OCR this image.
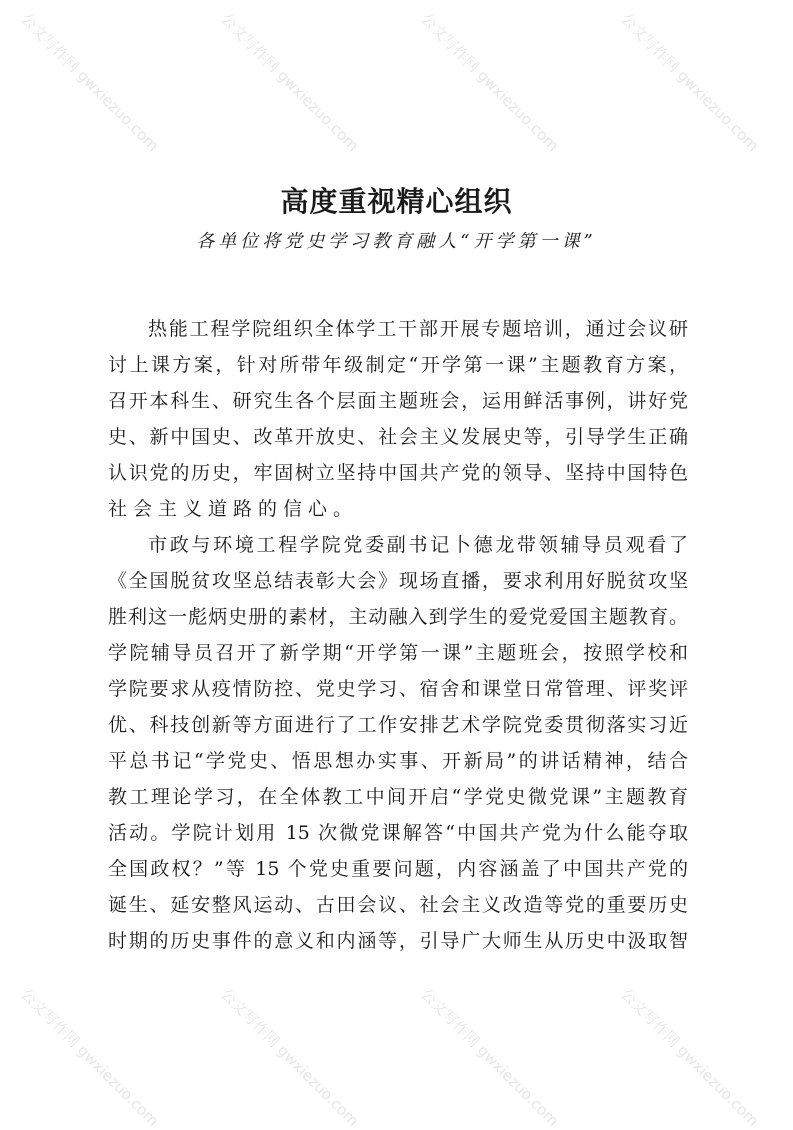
公文写作网 gwxiezuo.com	公文写作网 gwxiezuo.com	公文写作网 gwxiezuo.com	公文写作网 gwxiezuo.com
公文写作网 gwxiezuo.com	公文写作网 gwxiezuo.com	公文写作网 gwxiezuo.com	公文写作网 gwxiezuo.com
高度重视精心组织
各单位将党史学习教育融人“开学第一课”
热能工程学院组织全体学工干部开展专题培训，通过会议研
讨上课方案，针对所带年级制定“开学第一课”主题教育方案，
召开本科生、研究生各个层面主题班会，运用鲜活事例，讲好党
史、新中国史、改革开放史、社会主义发展史等，引导学生正确
认识党的历史，牢固树立坚持中国共产党的领导、坚持中国特色
社会主义道路的信心。
市政与环境工程学院党委副书记卜德龙带领辅导员观看了
《全国脱贫攻坚总结表彰大会》现场直播，要求利用好脱贫攻坚
胜利这一彪炳史册的素材，主动融入到学生的爱党爱国主题教育。
学院辅导员召开了新学期“开学第一课”主题班会，按照学校和
学院要求从疫情防控、党史学习、宿舍和课堂日常管理、评奖评
优、科技创新等方面进行了工作安排艺术学院党委贯彻落实习近
平总书记“学党史、悟思想办实事、开新局”的讲话精神，结合
教工理论学习，在全体教工中间开启“学党史微党课”主题教育
活动。学院计划用 15 次微党课解答“中国共产党为什么能夺取
全国政权？”等 15 个党史重要问题，内容涵盖了中国共产党的
诞生、延安整风运动、古田会议、社会主义改造等党的重要历史
时期的历史事件的意义和内涵等，引导广大师生从历史中汲取智
